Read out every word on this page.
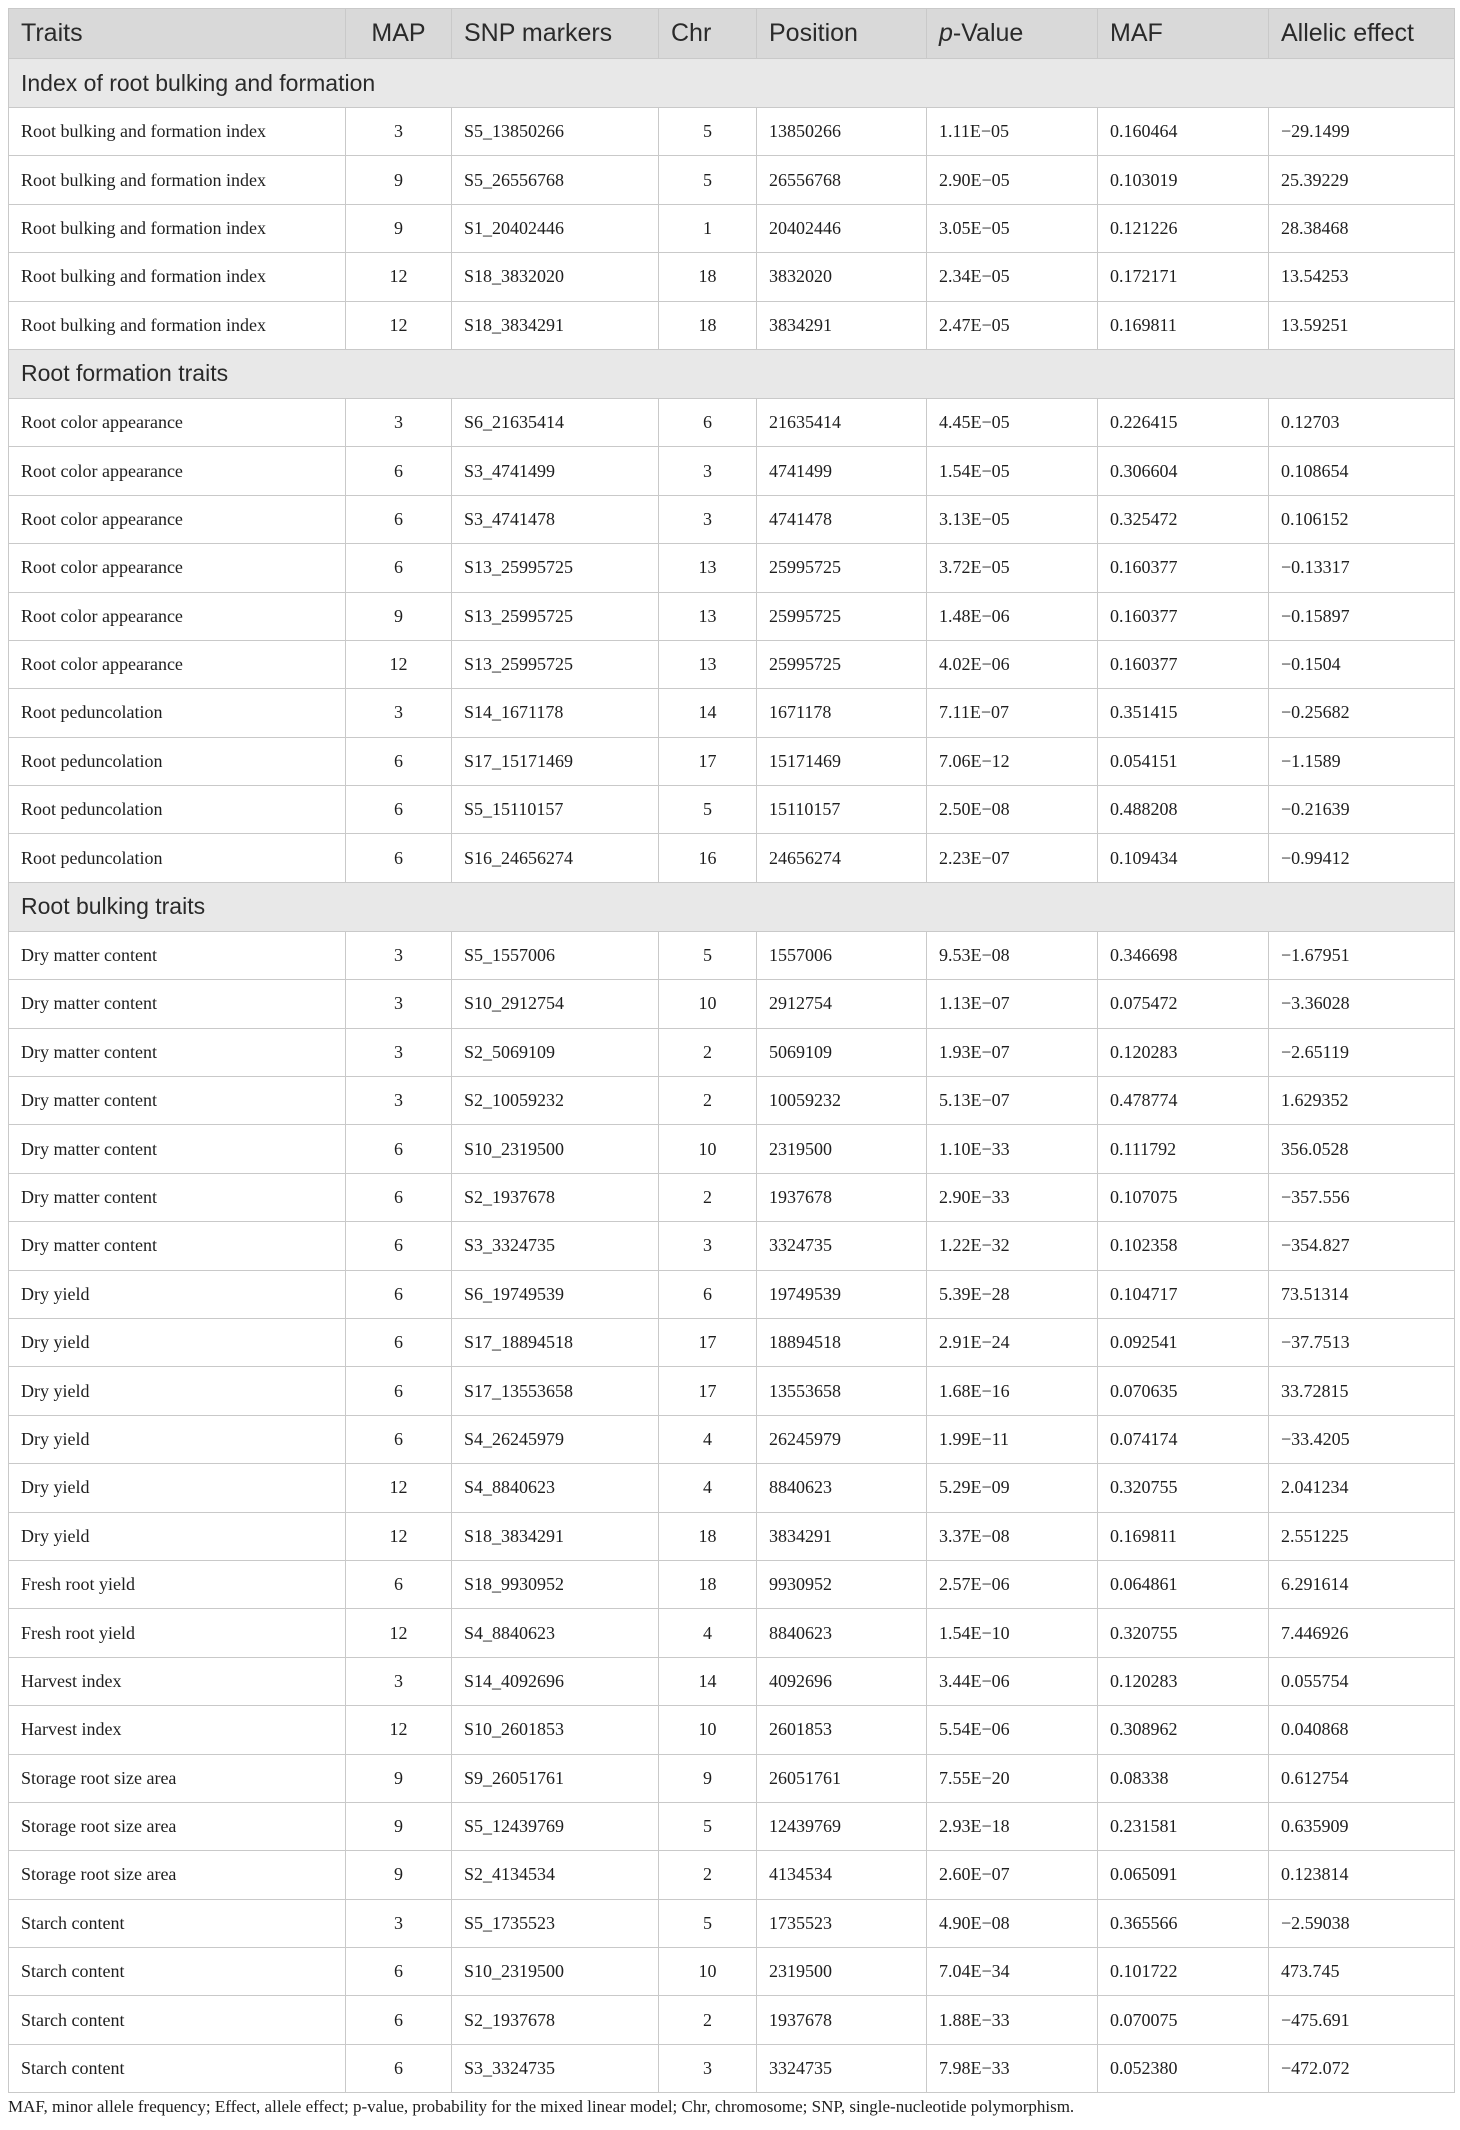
Traits	MAP	SNP markers	Chr	Position	p-Value	MAF	Allelic effect
Index of root bulking and formation							
Root bulking and formation index	3	S5_13850266	5	13850266	1.11E−05	0.160464	−29.1499
Root bulking and formation index	9	S5_26556768	5	26556768	2.90E−05	0.103019	25.39229
Root bulking and formation index	9	S1_20402446	1	20402446	3.05E−05	0.121226	28.38468
Root bulking and formation index	12	S18_3832020	18	3832020	2.34E−05	0.172171	13.54253
Root bulking and formation index	12	S18_3834291	18	3834291	2.47E−05	0.169811	13.59251
Root formation traits							
Root color appearance	3	S6_21635414	6	21635414	4.45E−05	0.226415	0.12703
Root color appearance	6	S3_4741499	3	4741499	1.54E−05	0.306604	0.108654
Root color appearance	6	S3_4741478	3	4741478	3.13E−05	0.325472	0.106152
Root color appearance	6	S13_25995725	13	25995725	3.72E−05	0.160377	−0.13317
Root color appearance	9	S13_25995725	13	25995725	1.48E−06	0.160377	−0.15897
Root color appearance	12	S13_25995725	13	25995725	4.02E−06	0.160377	−0.1504
Root peduncolation	3	S14_1671178	14	1671178	7.11E−07	0.351415	−0.25682
Root peduncolation	6	S17_15171469	17	15171469	7.06E−12	0.054151	−1.1589
Root peduncolation	6	S5_15110157	5	15110157	2.50E−08	0.488208	−0.21639
Root peduncolation	6	S16_24656274	16	24656274	2.23E−07	0.109434	−0.99412
Root bulking traits							
Dry matter content	3	S5_1557006	5	1557006	9.53E−08	0.346698	−1.67951
Dry matter content	3	S10_2912754	10	2912754	1.13E−07	0.075472	−3.36028
Dry matter content	3	S2_5069109	2	5069109	1.93E−07	0.120283	−2.65119
Dry matter content	3	S2_10059232	2	10059232	5.13E−07	0.478774	1.629352
Dry matter content	6	S10_2319500	10	2319500	1.10E−33	0.111792	356.0528
Dry matter content	6	S2_1937678	2	1937678	2.90E−33	0.107075	−357.556
Dry matter content	6	S3_3324735	3	3324735	1.22E−32	0.102358	−354.827
Dry yield	6	S6_19749539	6	19749539	5.39E−28	0.104717	73.51314
Dry yield	6	S17_18894518	17	18894518	2.91E−24	0.092541	−37.7513
Dry yield	6	S17_13553658	17	13553658	1.68E−16	0.070635	33.72815
Dry yield	6	S4_26245979	4	26245979	1.99E−11	0.074174	−33.4205
Dry yield	12	S4_8840623	4	8840623	5.29E−09	0.320755	2.041234
Dry yield	12	S18_3834291	18	3834291	3.37E−08	0.169811	2.551225
Fresh root yield	6	S18_9930952	18	9930952	2.57E−06	0.064861	6.291614
Fresh root yield	12	S4_8840623	4	8840623	1.54E−10	0.320755	7.446926
Harvest index	3	S14_4092696	14	4092696	3.44E−06	0.120283	0.055754
Harvest index	12	S10_2601853	10	2601853	5.54E−06	0.308962	0.040868
Storage root size area	9	S9_26051761	9	26051761	7.55E−20	0.08338	0.612754
Storage root size area	9	S5_12439769	5	12439769	2.93E−18	0.231581	0.635909
Storage root size area	9	S2_4134534	2	4134534	2.60E−07	0.065091	0.123814
Starch content	3	S5_1735523	5	1735523	4.90E−08	0.365566	−2.59038
Starch content	6	S10_2319500	10	2319500	7.04E−34	0.101722	473.745
Starch content	6	S2_1937678	2	1937678	1.88E−33	0.070075	−475.691
Starch content	6	S3_3324735	3	3324735	7.98E−33	0.052380	−472.072
MAF, minor allele frequency; Effect, allele effect; p-value, probability for the mixed linear model; Chr, chromosome; SNP, single-nucleotide polymorphism.
